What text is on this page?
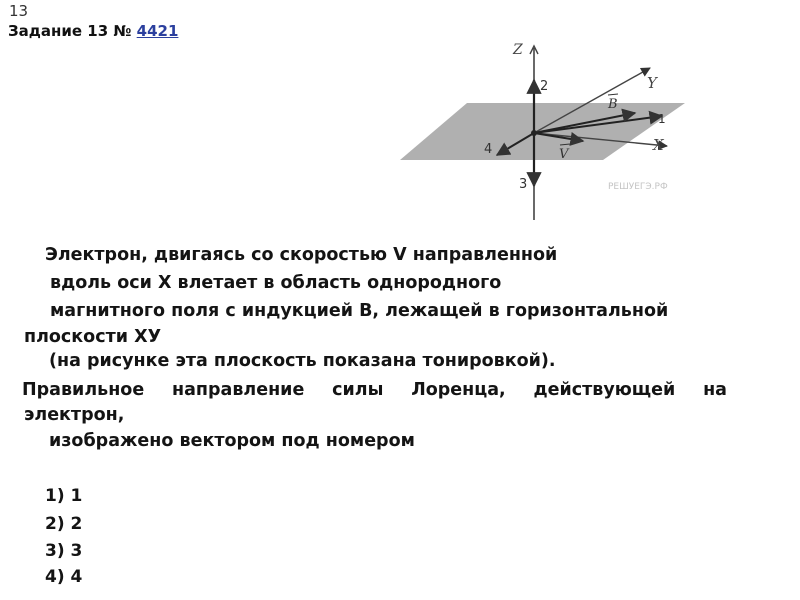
13
Задание 13 № 4421
Z
Y
X
B
V
1
2
3
4
РЕШУЕГЭ.РФ
Электрон, двигаясь со скоростью V направленной
вдоль оси X влетает в область однородного
магнитного поля с индукцией B, лежащей в горизонтальной
плоскости XУ
(на рисунке эта плоскость показана тонировкой).
Правильное направление силы Лоренца, действующей на
электрон,
изображено вектором под номером
1) 1
2) 2
3) 3
4) 4
